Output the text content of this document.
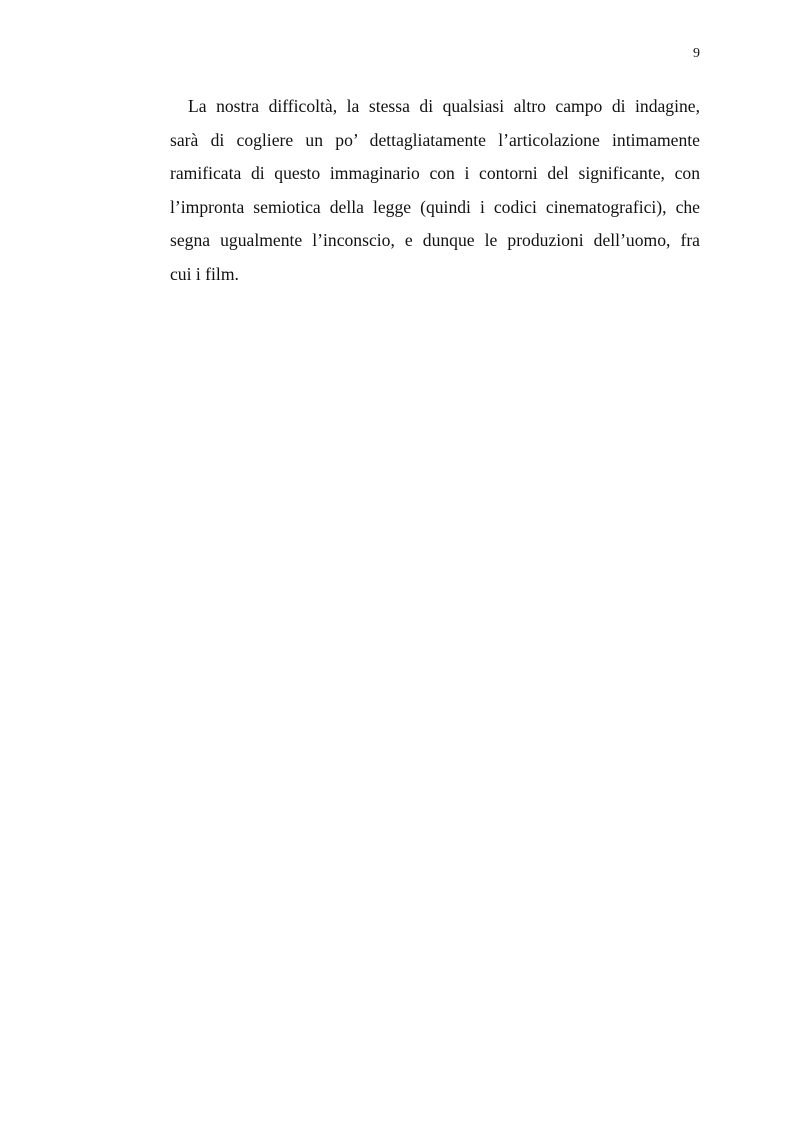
9
La nostra difficoltà, la stessa di qualsiasi altro campo di indagine,
sarà di cogliere un po’ dettagliatamente l’articolazione intimamente
ramificata di questo immaginario con i contorni del significante, con
l’impronta semiotica della legge (quindi i codici cinematografici), che
segna ugualmente l’inconscio, e dunque le produzioni dell’uomo, fra
cui i film.
